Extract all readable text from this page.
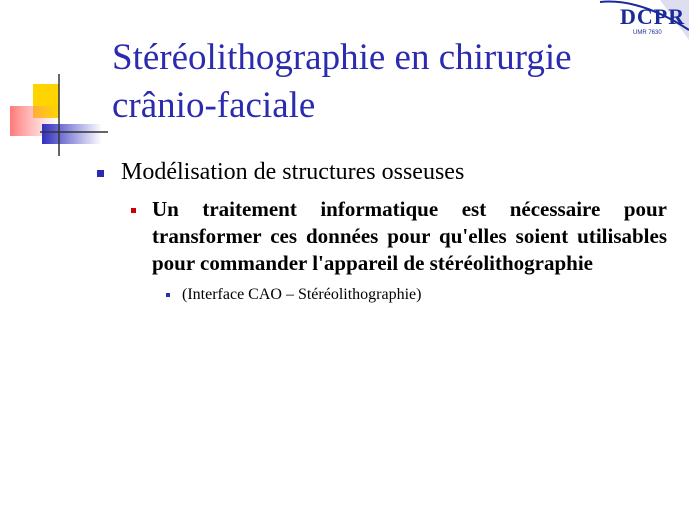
DCPR
UMR 7630
Stéréolithographie en chirurgie
crânio-faciale
Modélisation de structures osseuses
Un traitement informatique est nécessaire pour transformer ces données pour qu'elles soient utilisables pour commander l'appareil de stéréolithographie
(Interface CAO – Stéréolithographie)
